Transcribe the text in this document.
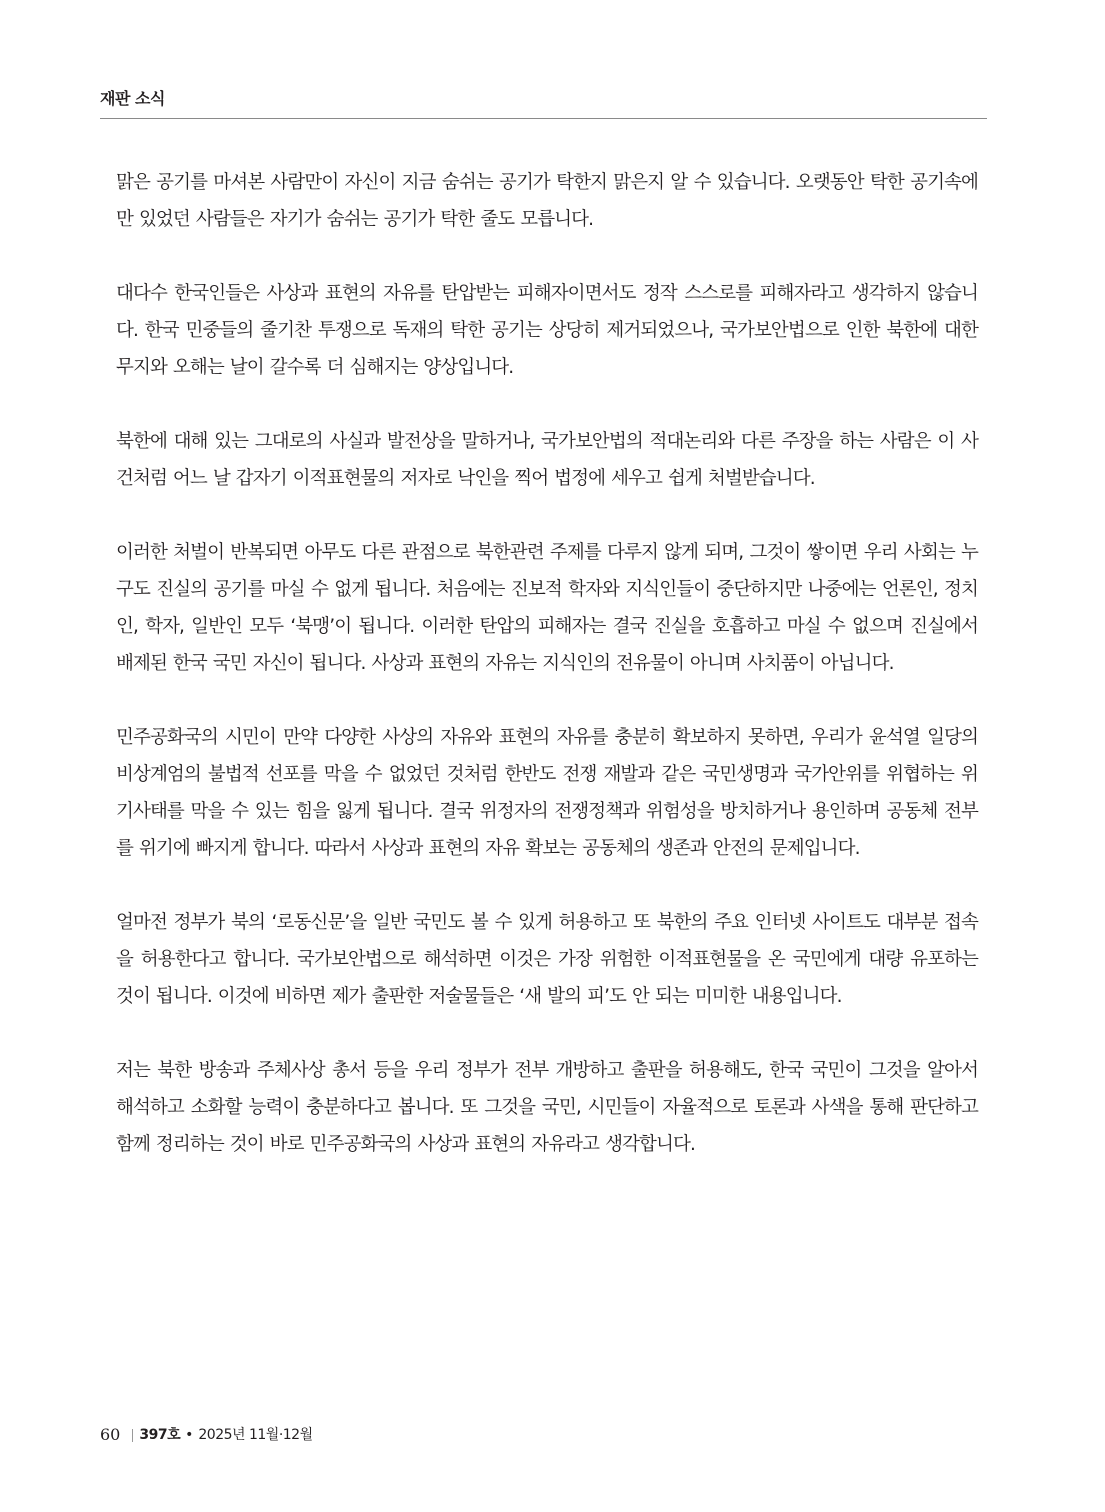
재판 소식

맑은 공기를 마셔본 사람만이 자신이 지금 숨쉬는 공기가 탁한지 맑은지 알 수 있습니다. 오랫동안 탁한 공기속에만 있었던 사람들은 자기가 숨쉬는 공기가 탁한 줄도 모릅니다.

대다수 한국인들은 사상과 표현의 자유를 탄압받는 피해자이면서도 정작 스스로를 피해자라고 생각하지 않습니다. 한국 민중들의 줄기찬 투쟁으로 독재의 탁한 공기는 상당히 제거되었으나, 국가보안법으로 인한 북한에 대한 무지와 오해는 날이 갈수록 더 심해지는 양상입니다.

북한에 대해 있는 그대로의 사실과 발전상을 말하거나, 국가보안법의 적대논리와 다른 주장을 하는 사람은 이 사건처럼 어느 날 갑자기 이적표현물의 저자로 낙인을 찍어 법정에 세우고 쉽게 처벌받습니다.

이러한 처벌이 반복되면 아무도 다른 관점으로 북한관련 주제를 다루지 않게 되며, 그것이 쌓이면 우리 사회는 누구도 진실의 공기를 마실 수 없게 됩니다. 처음에는 진보적 학자와 지식인들이 중단하지만 나중에는 언론인, 정치인, 학자, 일반인 모두 ‘북맹’이 됩니다. 이러한 탄압의 피해자는 결국 진실을 호흡하고 마실 수 없으며 진실에서 배제된 한국 국민 자신이 됩니다. 사상과 표현의 자유는 지식인의 전유물이 아니며 사치품이 아닙니다.

민주공화국의 시민이 만약 다양한 사상의 자유와 표현의 자유를 충분히 확보하지 못하면, 우리가 윤석열 일당의 비상계엄의 불법적 선포를 막을 수 없었던 것처럼 한반도 전쟁 재발과 같은 국민생명과 국가안위를 위협하는 위기사태를 막을 수 있는 힘을 잃게 됩니다. 결국 위정자의 전쟁정책과 위험성을 방치하거나 용인하며 공동체 전부를 위기에 빠지게 합니다. 따라서 사상과 표현의 자유 확보는 공동체의 생존과 안전의 문제입니다.

얼마전 정부가 북의 ‘로동신문’을 일반 국민도 볼 수 있게 허용하고 또 북한의 주요 인터넷 사이트도 대부분 접속을 허용한다고 합니다. 국가보안법으로 해석하면 이것은 가장 위험한 이적표현물을 온 국민에게 대량 유포하는 것이 됩니다. 이것에 비하면 제가 출판한 저술물들은 ‘새 발의 피’도 안 되는 미미한 내용입니다.

저는 북한 방송과 주체사상 총서 등을 우리 정부가 전부 개방하고 출판을 허용해도, 한국 국민이 그것을 알아서 해석하고 소화할 능력이 충분하다고 봅니다. 또 그것을 국민, 시민들이 자율적으로 토론과 사색을 통해 판단하고 함께 정리하는 것이 바로 민주공화국의 사상과 표현의 자유라고 생각합니다.

60 397호 • 2025년 11월·12월
